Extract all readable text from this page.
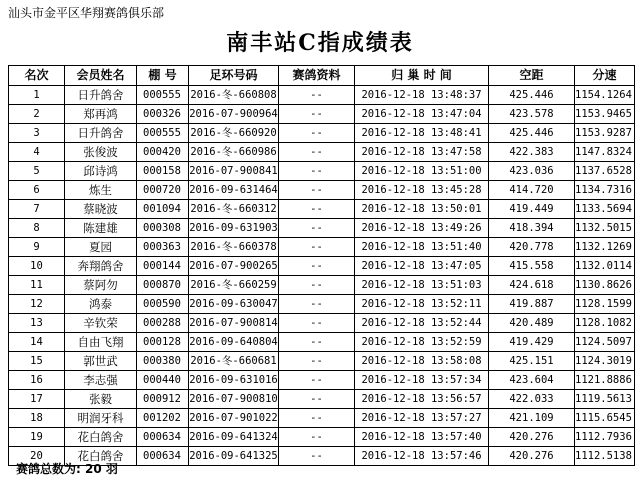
汕头市金平区华翔赛鸽俱乐部
南丰站C指成绩表
名次	会员姓名	棚 号	足环号码	赛鸽资料	归 巢 时 间	空距	分速
1	日升鸽舍	000555	2016-冬-660808	--	2016-12-18 13:48:37	425.446	1154.1264
2	郑再鸿	000326	2016-07-900964	--	2016-12-18 13:47:04	423.578	1153.9465
3	日升鸽舍	000555	2016-冬-660920	--	2016-12-18 13:48:41	425.446	1153.9287
4	张俊波	000420	2016-冬-660986	--	2016-12-18 13:47:58	422.383	1147.8324
5	邱诗鸿	000158	2016-07-900841	--	2016-12-18 13:51:00	423.036	1137.6528
6	炼生	000720	2016-09-631464	--	2016-12-18 13:45:28	414.720	1134.7316
7	蔡晓波	001094	2016-冬-660312	--	2016-12-18 13:50:01	419.449	1133.5694
8	陈建雄	000308	2016-09-631903	--	2016-12-18 13:49:26	418.394	1132.5015
9	夏园	000363	2016-冬-660378	--	2016-12-18 13:51:40	420.778	1132.1269
10	奔翔鸽舍	000144	2016-07-900265	--	2016-12-18 13:47:05	415.558	1132.0114
11	蔡阿勿	000870	2016-冬-660259	--	2016-12-18 13:51:03	424.618	1130.8626
12	鸿泰	000590	2016-09-630047	--	2016-12-18 13:52:11	419.887	1128.1599
13	辛钦荣	000288	2016-07-900814	--	2016-12-18 13:52:44	420.489	1128.1082
14	自由飞翔	000128	2016-09-640804	--	2016-12-18 13:52:59	419.429	1124.5097
15	郭世武	000380	2016-冬-660681	--	2016-12-18 13:58:08	425.151	1124.3019
16	李志强	000440	2016-09-631016	--	2016-12-18 13:57:34	423.604	1121.8886
17	张毅	000912	2016-07-900810	--	2016-12-18 13:56:57	422.033	1119.5613
18	明润牙科	001202	2016-07-901022	--	2016-12-18 13:57:27	421.109	1115.6545
19	花白鸽舍	000634	2016-09-641324	--	2016-12-18 13:57:40	420.276	1112.7936
20	花白鸽舍	000634	2016-09-641325	--	2016-12-18 13:57:46	420.276	1112.5138
赛鸽总数为: 20 羽
